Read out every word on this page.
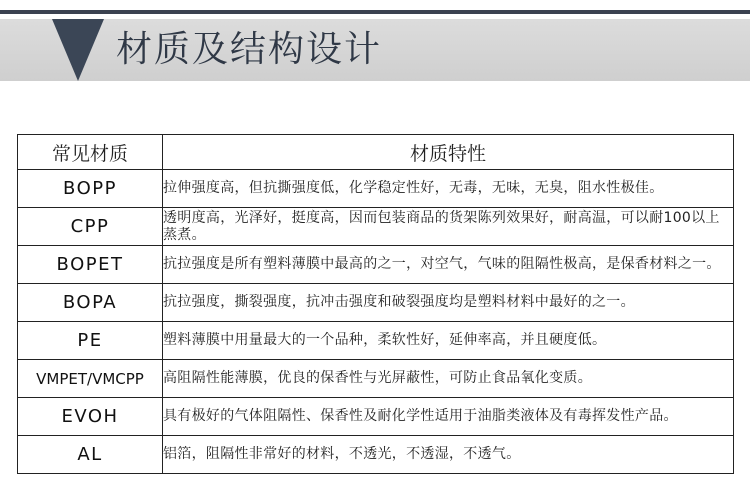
材质及结构设计
常见材质	材质特性
BOPP	拉伸强度高，但抗撕强度低，化学稳定性好，无毒，无味，无臭，阻水性极佳。
CPP	透明度高，光泽好，挺度高，因而包装商品的货架陈列效果好，耐高温，可以耐100以上蒸煮。
BOPET	抗拉强度是所有塑料薄膜中最高的之一，对空气，气味的阻隔性极高，是保香材料之一。
BOPA	抗拉强度，撕裂强度，抗冲击强度和破裂强度均是塑料材料中最好的之一。
PE	塑料薄膜中用量最大的一个品种，柔软性好，延伸率高，并且硬度低。
VMPET/VMCPP	高阻隔性能薄膜，优良的保香性与光屏蔽性，可防止食品氧化变质。
EVOH	具有极好的气体阻隔性、保香性及耐化学性适用于油脂类液体及有毒挥发性产品。
AL	铝箔，阻隔性非常好的材料，不透光，不透湿，不透气。
